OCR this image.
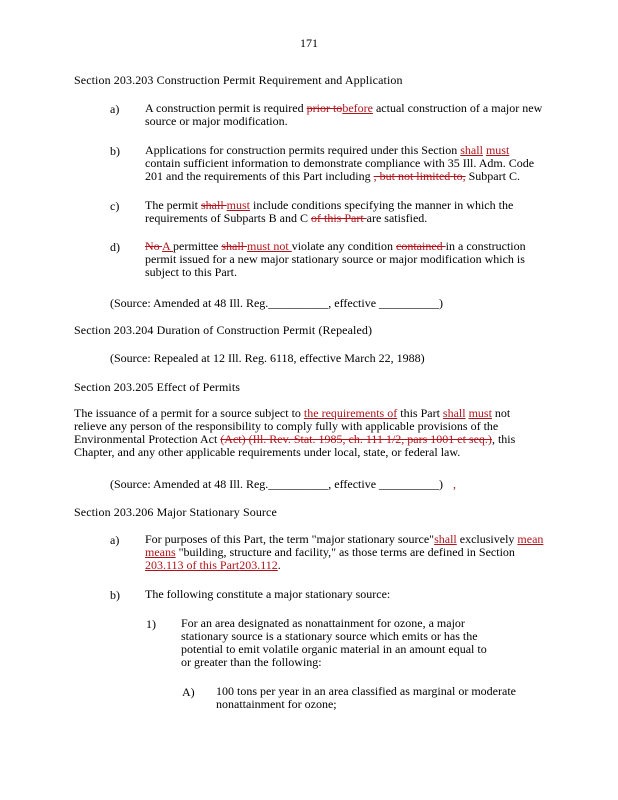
171
Section 203.203 Construction Permit Requirement and Application
a) A construction permit is required prior tobefore actual construction of a major new source or major modification.
b) Applications for construction permits required under this Section shall must contain sufficient information to demonstrate compliance with 35 Ill. Adm. Code 201 and the requirements of this Part including , but not limited to, Subpart C.
c) The permit shall must include conditions specifying the manner in which the requirements of Subparts B and C of this Part are satisfied.
d) No A permittee shall must not violate any condition contained in a construction permit issued for a new major stationary source or major modification which is subject to this Part.
(Source: Amended at 48 Ill. Reg.__________, effective __________)
Section 203.204 Duration of Construction Permit (Repealed)
(Source: Repealed at 12 Ill. Reg. 6118, effective March 22, 1988)
Section 203.205 Effect of Permits
The issuance of a permit for a source subject to the requirements of this Part shall must not relieve any person of the responsibility to comply fully with applicable provisions of the Environmental Protection Act (Act) (Ill. Rev. Stat. 1985, ch. 111 1/2, pars 1001 et seq.), this Chapter, and any other applicable requirements under local, state, or federal law.
(Source: Amended at 48 Ill. Reg.__________, effective __________) ,
Section 203.206 Major Stationary Source
a) For purposes of this Part, the term "major stationary source"shall exclusively mean means "building, structure and facility," as those terms are defined in Section 203.113 of this Part203.112.
b) The following constitute a major stationary source:
1) For an area designated as nonattainment for ozone, a major stationary source is a stationary source which emits or has the potential to emit volatile organic material in an amount equal to or greater than the following:
A) 100 tons per year in an area classified as marginal or moderate nonattainment for ozone;
